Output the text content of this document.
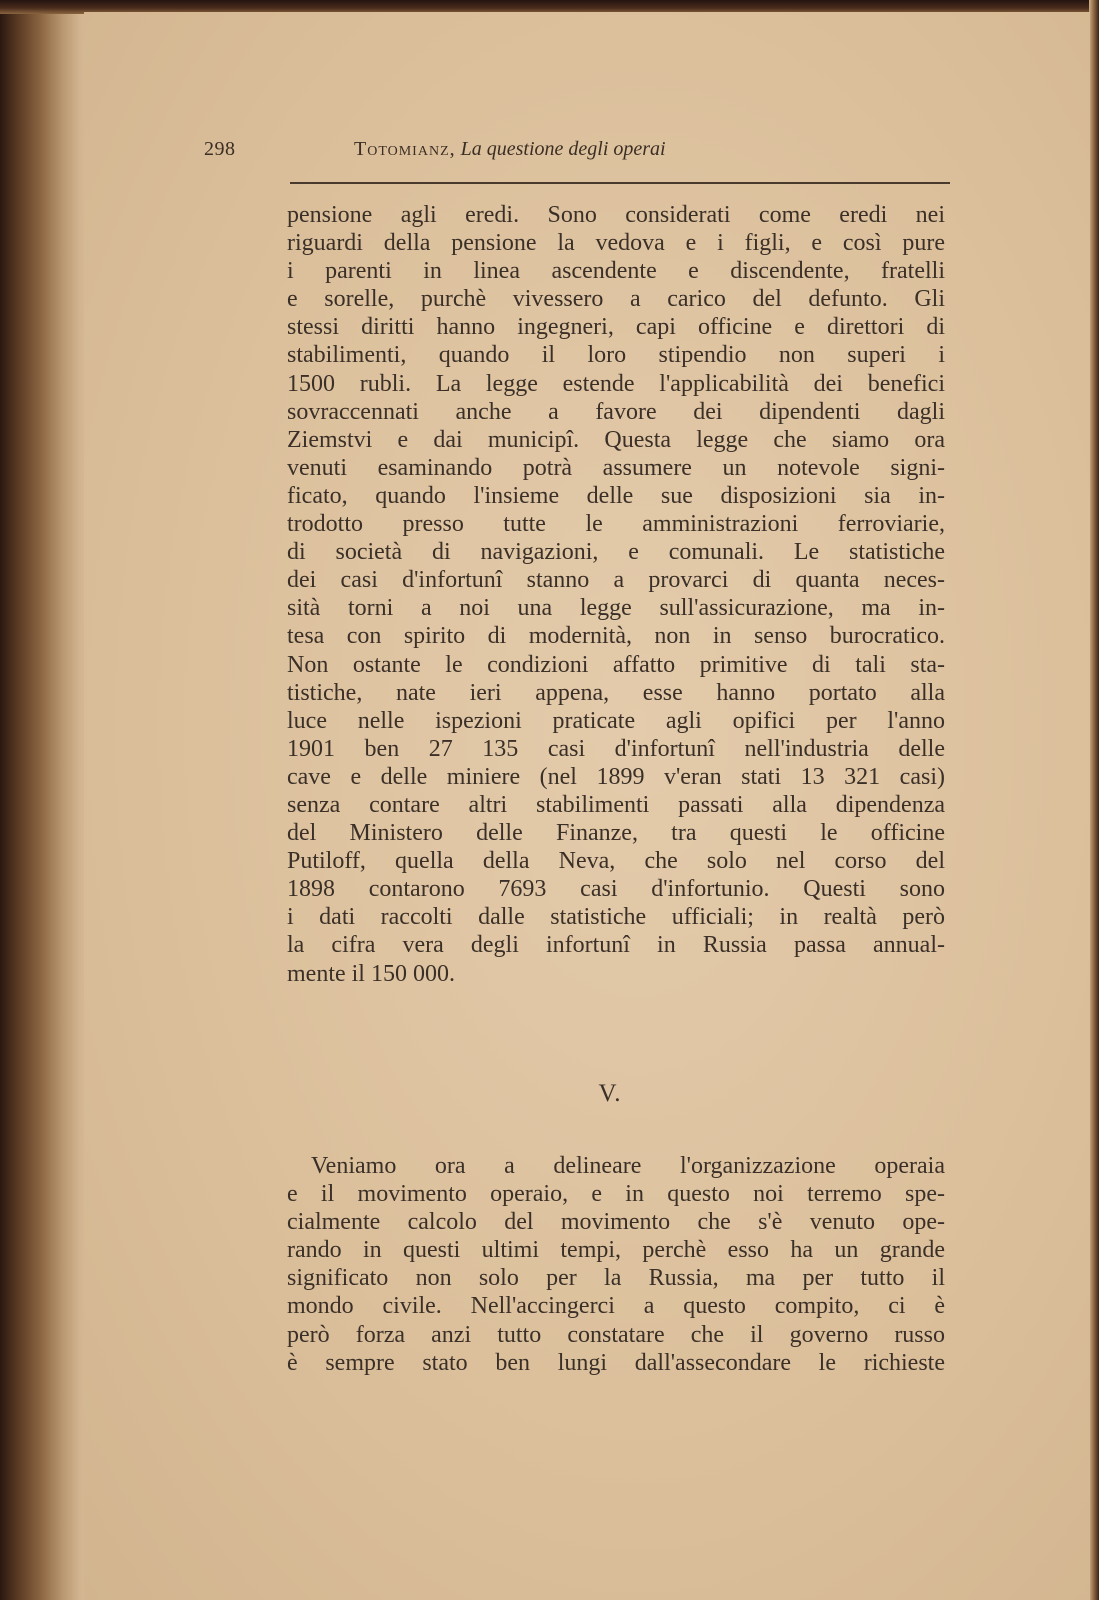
298	Totomianz, La questione degli operai
pensione agli eredi. Sono considerati come eredi nei
riguardi della pensione la vedova e i figli, e così pure
i parenti in linea ascendente e discendente, fratelli
e sorelle, purchè vivessero a carico del defunto. Gli
stessi diritti hanno ingegneri, capi officine e direttori di
stabilimenti, quando il loro stipendio non superi i
1500 rubli. La legge estende l'applicabilità dei benefici
sovraccennati anche a favore dei dipendenti dagli
Ziemstvi e dai municipî. Questa legge che siamo ora
venuti esaminando potrà assumere un notevole signi-
ficato, quando l'insieme delle sue disposizioni sia in-
trodotto presso tutte le amministrazioni ferroviarie,
di società di navigazioni, e comunali. Le statistiche
dei casi d'infortunî stanno a provarci di quanta neces-
sità torni a noi una legge sull'assicurazione, ma in-
tesa con spirito di modernità, non in senso burocratico.
Non ostante le condizioni affatto primitive di tali sta-
tistiche, nate ieri appena, esse hanno portato alla
luce nelle ispezioni praticate agli opifici per l'anno
1901 ben 27 135 casi d'infortunî nell'industria delle
cave e delle miniere (nel 1899 v'eran stati 13 321 casi)
senza contare altri stabilimenti passati alla dipendenza
del Ministero delle Finanze, tra questi le officine
Putiloff, quella della Neva, che solo nel corso del
1898 contarono 7693 casi d'infortunio. Questi sono
i dati raccolti dalle statistiche ufficiali; in realtà però
la cifra vera degli infortunî in Russia passa annual-
mente il 150 000.
V.
Veniamo ora a delineare l'organizzazione operaia
e il movimento operaio, e in questo noi terremo spe-
cialmente calcolo del movimento che s'è venuto ope-
rando in questi ultimi tempi, perchè esso ha un grande
significato non solo per la Russia, ma per tutto il
mondo civile. Nell'accingerci a questo compito, ci è
però forza anzi tutto constatare che il governo russo
è sempre stato ben lungi dall'assecondare le richieste
